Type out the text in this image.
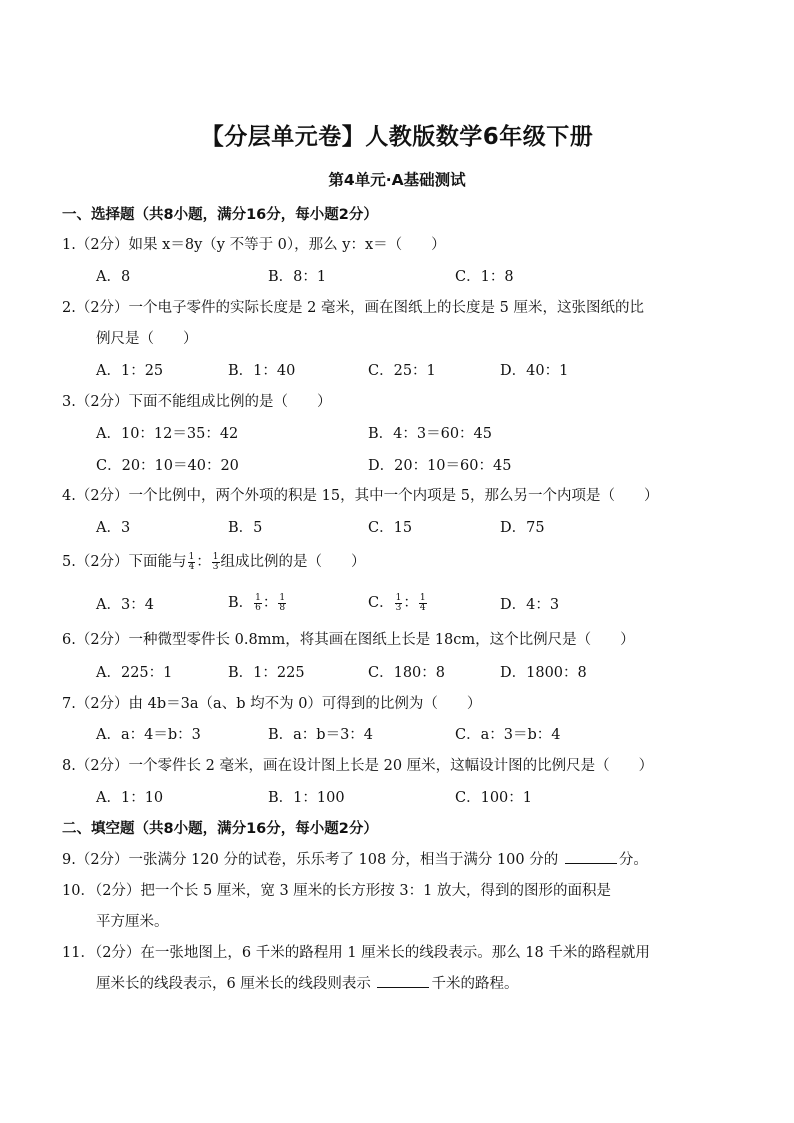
【分层单元卷】人教版数学6年级下册
第4单元·A基础测试
一、选择题（共8小题，满分16分，每小题2分）
1.（2分）如果 x＝8y（y 不等于 0），那么 y：x＝（　　）
A．8	B．8：1	C．1：8
2.（2分）一个电子零件的实际长度是 2 毫米，画在图纸上的长度是 5 厘米，这张图纸的比
例尺是（　　）
A．1：25	B．1：40	C．25：1	D．40：1
3.（2分）下面不能组成比例的是（　　）
A．10：12＝35：42	B．4：3＝60：45
C．20：10＝40：20	D．20：10＝60：45
4.（2分）一个比例中，两个外项的积是 15，其中一个内项是 5，那么另一个内项是（　　）
A．3	B．5	C．15	D．75
5.（2分）下面能与 $\frac{1}{4}$ ： $\frac{1}{3}$ 组成比例的是（　　）
A．3：4	B． $\frac{1}{6}$ ： $\frac{1}{8}$	C． $\frac{1}{3}$ ： $\frac{1}{4}$	D．4：3
6.（2分）一种微型零件长 0.8mm，将其画在图纸上长是 18cm，这个比例尺是（　　）
A．225：1	B．1：225	C．180：8	D．1800：8
7.（2分）由 4b＝3a（a、b 均不为 0）可得到的比例为（　　）
A．a：4＝b：3	B．a：b＝3：4	C．a：3＝b：4
8.（2分）一个零件长 2 毫米，画在设计图上长是 20 厘米，这幅设计图的比例尺是（　　）
A．1：10	B．1：100	C．100：1
二、填空题（共8小题，满分16分，每小题2分）
9.（2分）一张满分 120 分的试卷，乐乐考了 108 分，相当于满分 100 分的	分。
10．（2分）把一个长 5 厘米，宽 3 厘米的长方形按 3：1 放大，得到的图形的面积是
平方厘米。
11．（2分）在一张地图上，6 千米的路程用 1 厘米长的线段表示。那么 18 千米的路程就用
厘米长的线段表示，6 厘米长的线段则表示	千米的路程。
